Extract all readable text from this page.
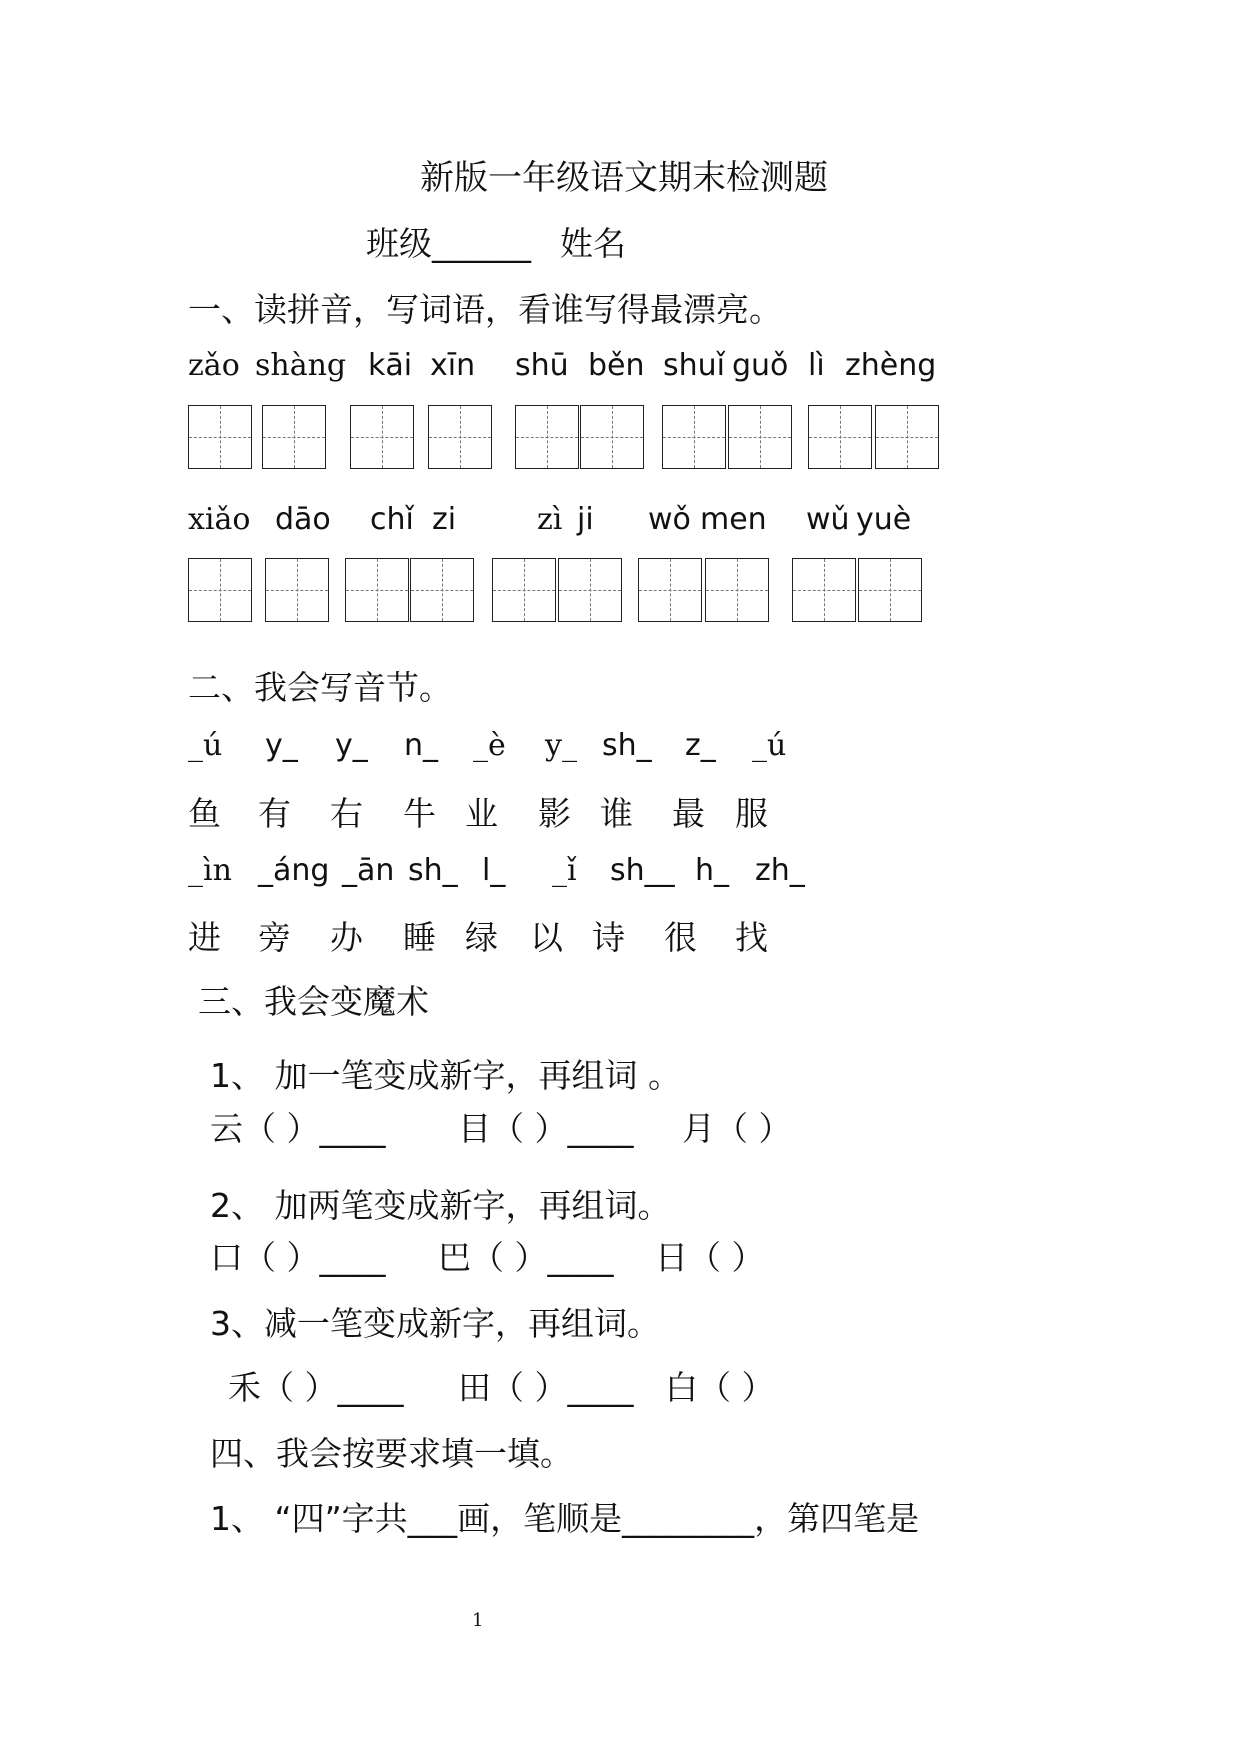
新版一年级语文期末检测题
班级______ 姓名
一、读拼音，写词语，看谁写得最漂亮。
zǎo shàng kāi xīn shū běn shuǐ guǒ lì zhèng
xiǎo dāo chǐ zi	zì ji wǒ men wǔ yuè
二、我会写音节。
_ú y_ y_ n_ _è y_ sh_ z_ _ú
鱼 有 右 牛 业 影 谁 最 服
_ìn _áng _ān sh_ l_ _ǐ sh__ h_ zh_
进 旁 办 睡 绿 以 诗 很 找
三、我会变魔术
1、 加一笔变成新字，再组词 。
云（ ）____ 目（ ）____ 月（ ）
2、 加两笔变成新字，再组词。
口（ ）____ 巴（ ）____ 日（ ）
3、减一笔变成新字，再组词。
禾（ ）____ 田（ ）____ 白（ ）
四、我会按要求填一填。
1、 “四”字共___画，笔顺是________，第四笔是
1
